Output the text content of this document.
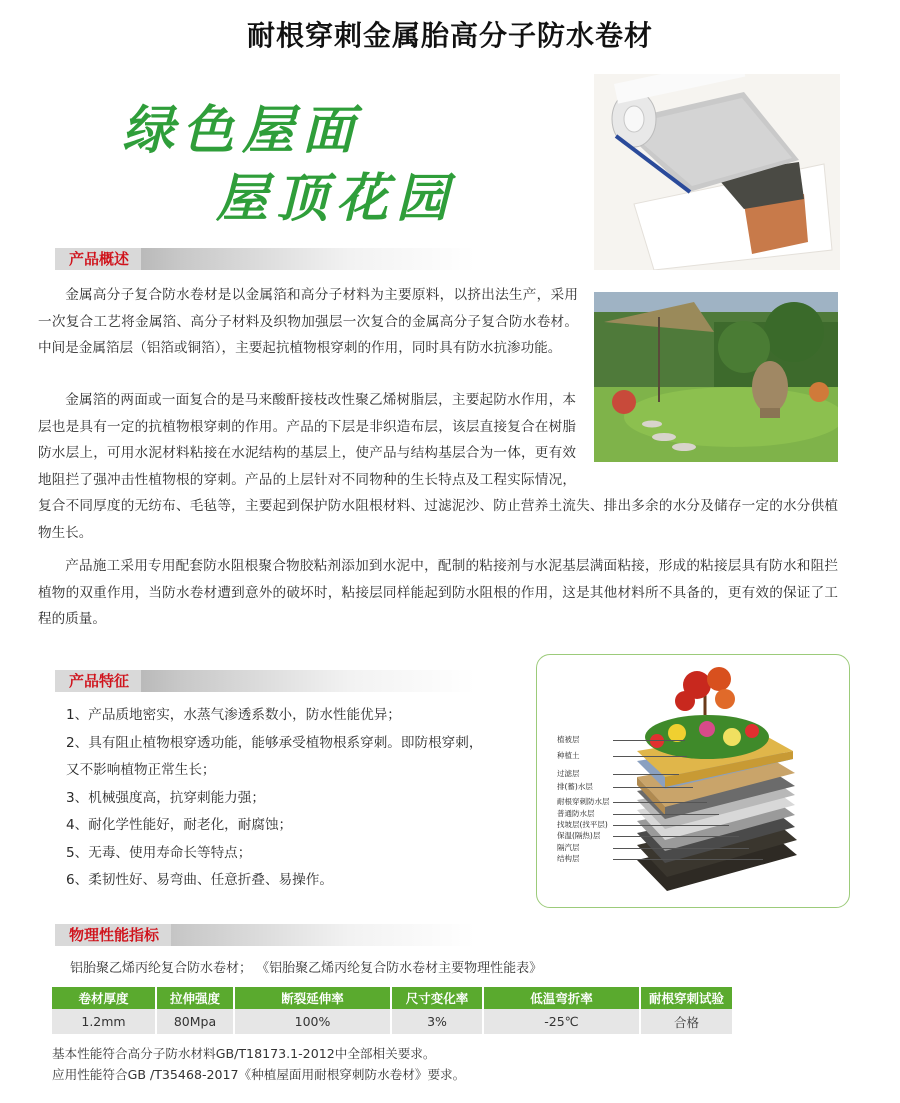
耐根穿刺金属胎高分子防水卷材
绿色屋面
屋顶花园
产品概述

金属高分子复合防水卷材是以金属箔和高分子材料为主要原料，以挤出法生产，采用一次复合工艺将金属箔、高分子材料及织物加强层一次复合的金属高分子复合防水卷材。中间是金属箔层（铝箔或铜箔），主要起抗植物根穿刺的作用，同时具有防水抗渗功能。

金属箔的两面或一面复合的是马来酸酐接枝改性聚乙烯树脂层，主要起防水作用，本层也是具有一定的抗植物根穿刺的作用。产品的下层是非织造布层，该层直接复合在树脂防水层上，可用水泥材料粘接在水泥结构的基层上，使产品与结构基层合为一体，更有效地阻拦了强冲击性植物根的穿刺。产品的上层针对不同物种的生长特点及工程实际情况，复合不同厚度的无纺布、毛毡等，主要起到保护防水阻根材料、过滤泥沙、防止营养土流失、排出多余的水分及储存一定的水分供植物生长。

产品施工采用专用配套防水阻根聚合物胶粘剂添加到水泥中，配制的粘接剂与水泥基层满面粘接，形成的粘接层具有防水和阻拦植物的双重作用，当防水卷材遭到意外的破坏时，粘接层同样能起到防水阻根的作用，这是其他材料所不具备的，更有效的保证了工程的质量。

产品特征

1、产品质地密实，水蒸气渗透系数小，防水性能优异；

2、具有阻止植物根穿透功能，能够承受植物根系穿刺。即防根穿刺，又不影响植物正常生长；

3、机械强度高，抗穿刺能力强；

4、耐化学性能好，耐老化，耐腐蚀；

5、无毒、使用寿命长等特点；

6、柔韧性好、易弯曲、任意折叠、易操作。

植被层
种植土
过滤层
排(蓄)水层
耐根穿刺防水层
普通防水层
找坡层(找平层)
保温(隔热)层
隔汽层
结构层
物理性能指标
铝胎聚乙烯丙纶复合防水卷材； 《铝胎聚乙烯丙纶复合防水卷材主要物理性能表》
卷材厚度	拉伸强度	断裂延伸率	尺寸变化率	低温弯折率	耐根穿刺试验
1.2mm	80Mpa	100%	3%	-25℃	合格
基本性能符合高分子防水材料GB/T18173.1-2012中全部相关要求。
应用性能符合GB /T35468-2017《种植屋面用耐根穿刺防水卷材》要求。
